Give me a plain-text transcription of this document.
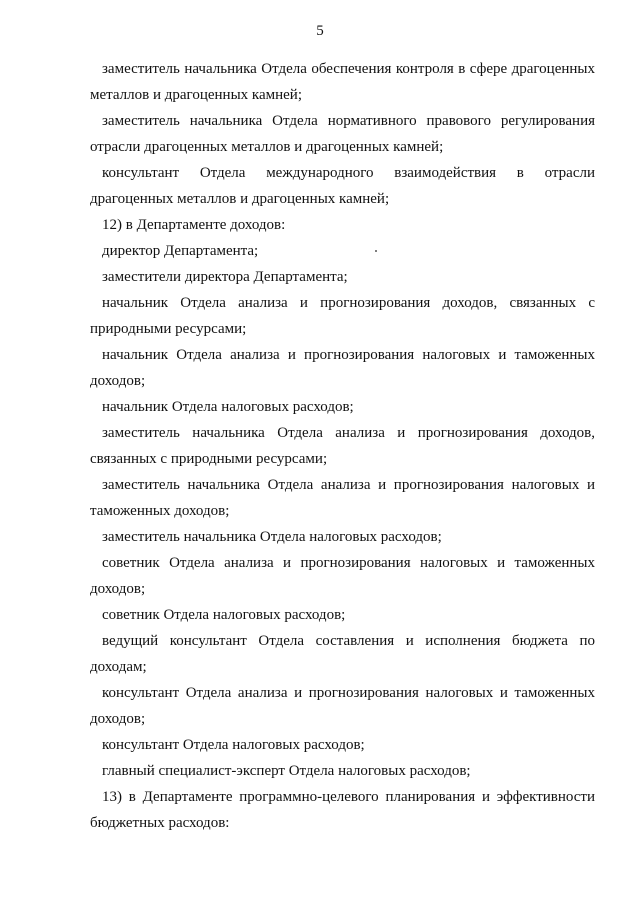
5

заместитель начальника Отдела обеспечения контроля в сфере драгоценных металлов и драгоценных камней;

заместитель начальника Отдела нормативного правового регулирования отрасли драгоценных металлов и драгоценных камней;

консультант Отдела международного взаимодействия в отрасли драгоценных металлов и драгоценных камней;

12) в Департаменте доходов:

директор Департамента;

заместители директора Департамента;

начальник Отдела анализа и прогнозирования доходов, связанных с природными ресурсами;

начальник Отдела анализа и прогнозирования налоговых и таможенных доходов;

начальник Отдела налоговых расходов;

заместитель начальника Отдела анализа и прогнозирования доходов, связанных с природными ресурсами;

заместитель начальника Отдела анализа и прогнозирования налоговых и таможенных доходов;

заместитель начальника Отдела налоговых расходов;

советник Отдела анализа и прогнозирования налоговых и таможенных доходов;

советник Отдела налоговых расходов;

ведущий консультант Отдела составления и исполнения бюджета по доходам;

консультант Отдела анализа и прогнозирования налоговых и таможенных доходов;

консультант Отдела налоговых расходов;

главный специалист-эксперт Отдела налоговых расходов;

13) в Департаменте программно-целевого планирования и эффективности бюджетных расходов:
